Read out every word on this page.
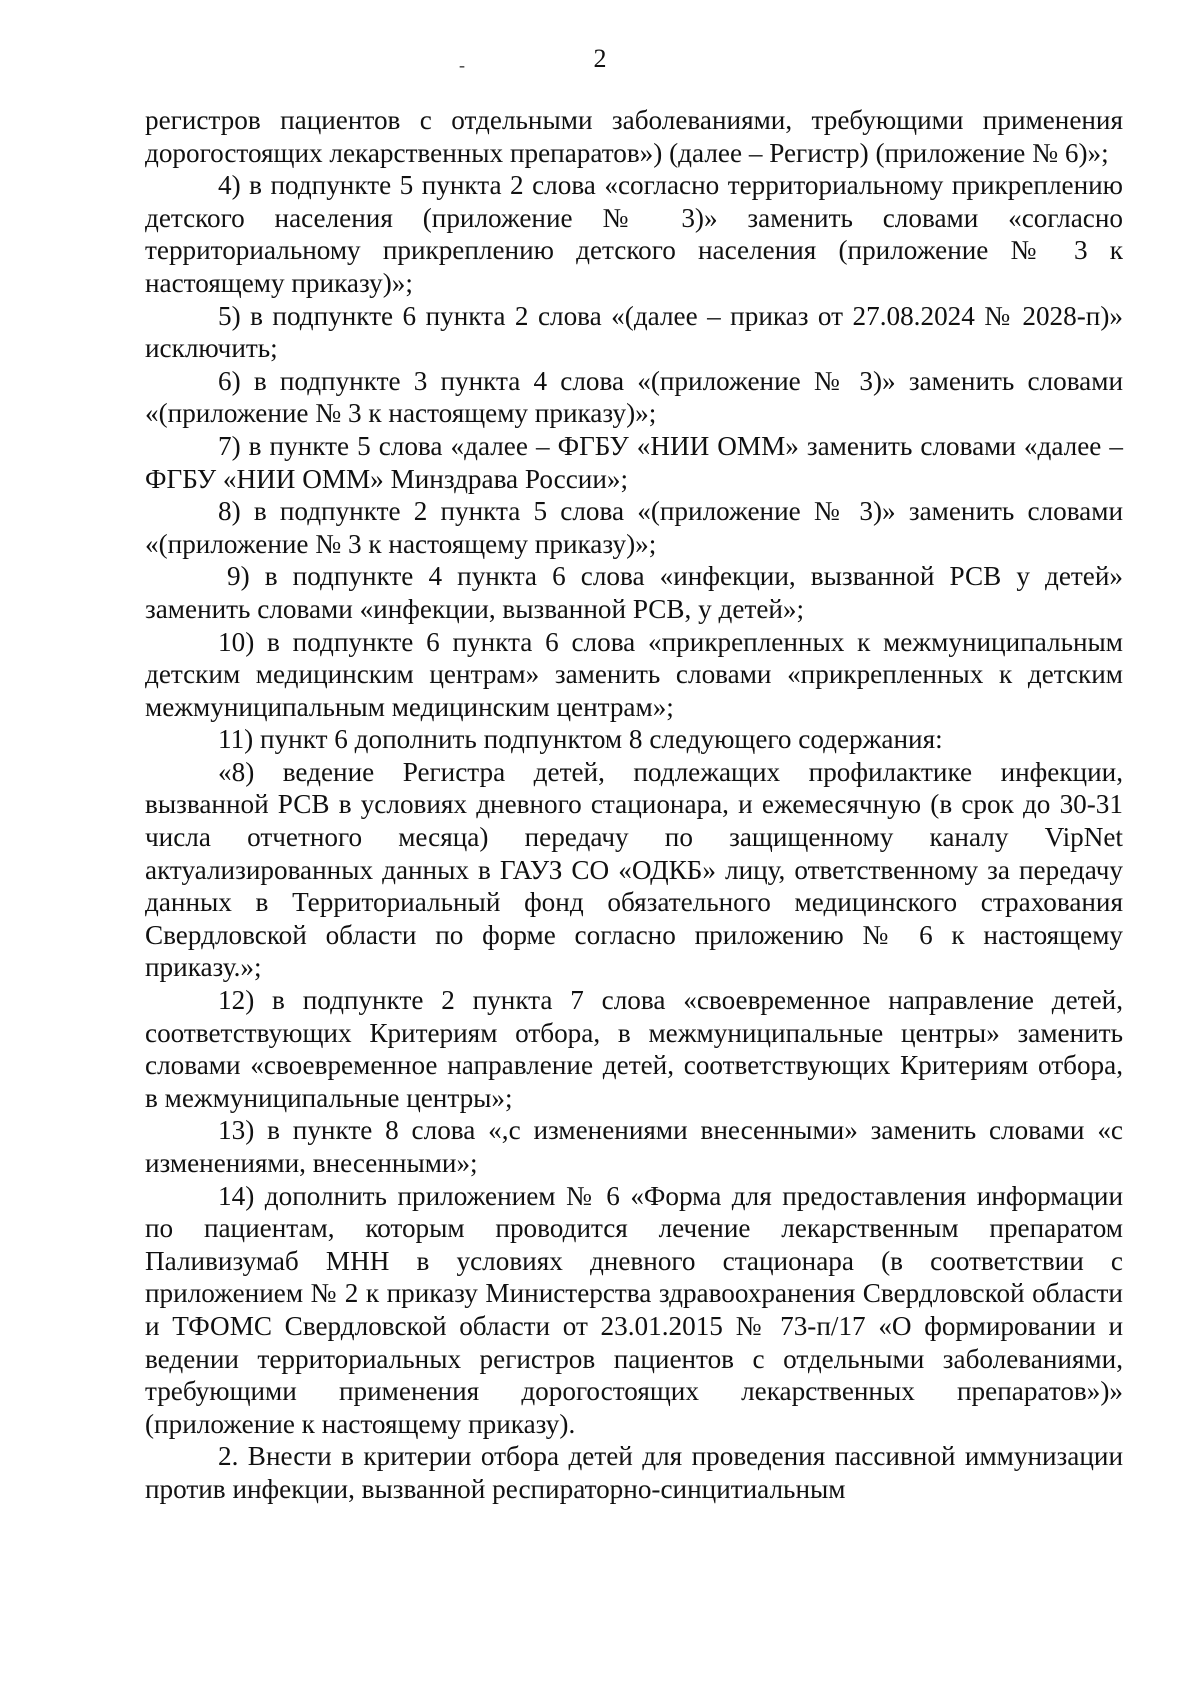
-	2

регистров пациентов с отдельными заболеваниями, требующими применения дорогостоящих лекарственных препаратов») (далее – Регистр) (приложение № 6)»;

4) в подпункте 5 пункта 2 слова «согласно территориальному прикреплению детского населения (приложение № 3)» заменить словами «согласно территориальному прикреплению детского населения (приложение № 3 к настоящему приказу)»;

5) в подпункте 6 пункта 2 слова «(далее – приказ от 27.08.2024 № 2028-п)» исключить;

6) в подпункте 3 пункта 4 слова «(приложение № 3)» заменить словами «(приложение № 3 к настоящему приказу)»;

7) в пункте 5 слова «далее – ФГБУ «НИИ ОММ» заменить словами «далее – ФГБУ «НИИ ОММ» Минздрава России»;

8) в подпункте 2 пункта 5 слова «(приложение № 3)» заменить словами «(приложение № 3 к настоящему приказу)»;

9) в подпункте 4 пункта 6 слова «инфекции, вызванной РСВ у детей» заменить словами «инфекции, вызванной РСВ, у детей»;

10) в подпункте 6 пункта 6 слова «прикрепленных к межмуниципальным детским медицинским центрам» заменить словами «прикрепленных к детским межмуниципальным медицинским центрам»;

11) пункт 6 дополнить подпунктом 8 следующего содержания:

«8) ведение Регистра детей, подлежащих профилактике инфекции, вызванной РСВ в условиях дневного стационара, и ежемесячную (в срок до 30-31 числа отчетного месяца) передачу по защищенному каналу VipNet актуализированных данных в ГАУЗ СО «ОДКБ» лицу, ответственному за передачу данных в Территориальный фонд обязательного медицинского страхования Свердловской области по форме согласно приложению № 6 к настоящему приказу.»;

12) в подпункте 2 пункта 7 слова «своевременное направление детей, соответствующих Критериям отбора, в межмуниципальные центры» заменить словами «своевременное направление детей, соответствующих Критериям отбора, в межмуниципальные центры»;

13) в пункте 8 слова «,с изменениями внесенными» заменить словами «с изменениями, внесенными»;

14) дополнить приложением № 6 «Форма для предоставления информации по пациентам, которым проводится лечение лекарственным препаратом Паливизумаб МНН в условиях дневного стационара (в соответствии с приложением № 2 к приказу Министерства здравоохранения Свердловской области и ТФОМС Свердловской области от 23.01.2015 № 73-п/17 «О формировании и ведении территориальных регистров пациентов с отдельными заболеваниями, требующими применения дорогостоящих лекарственных препаратов»)» (приложение к настоящему приказу).

2. Внести в критерии отбора детей для проведения пассивной иммунизации против инфекции, вызванной респираторно-синцитиальным
